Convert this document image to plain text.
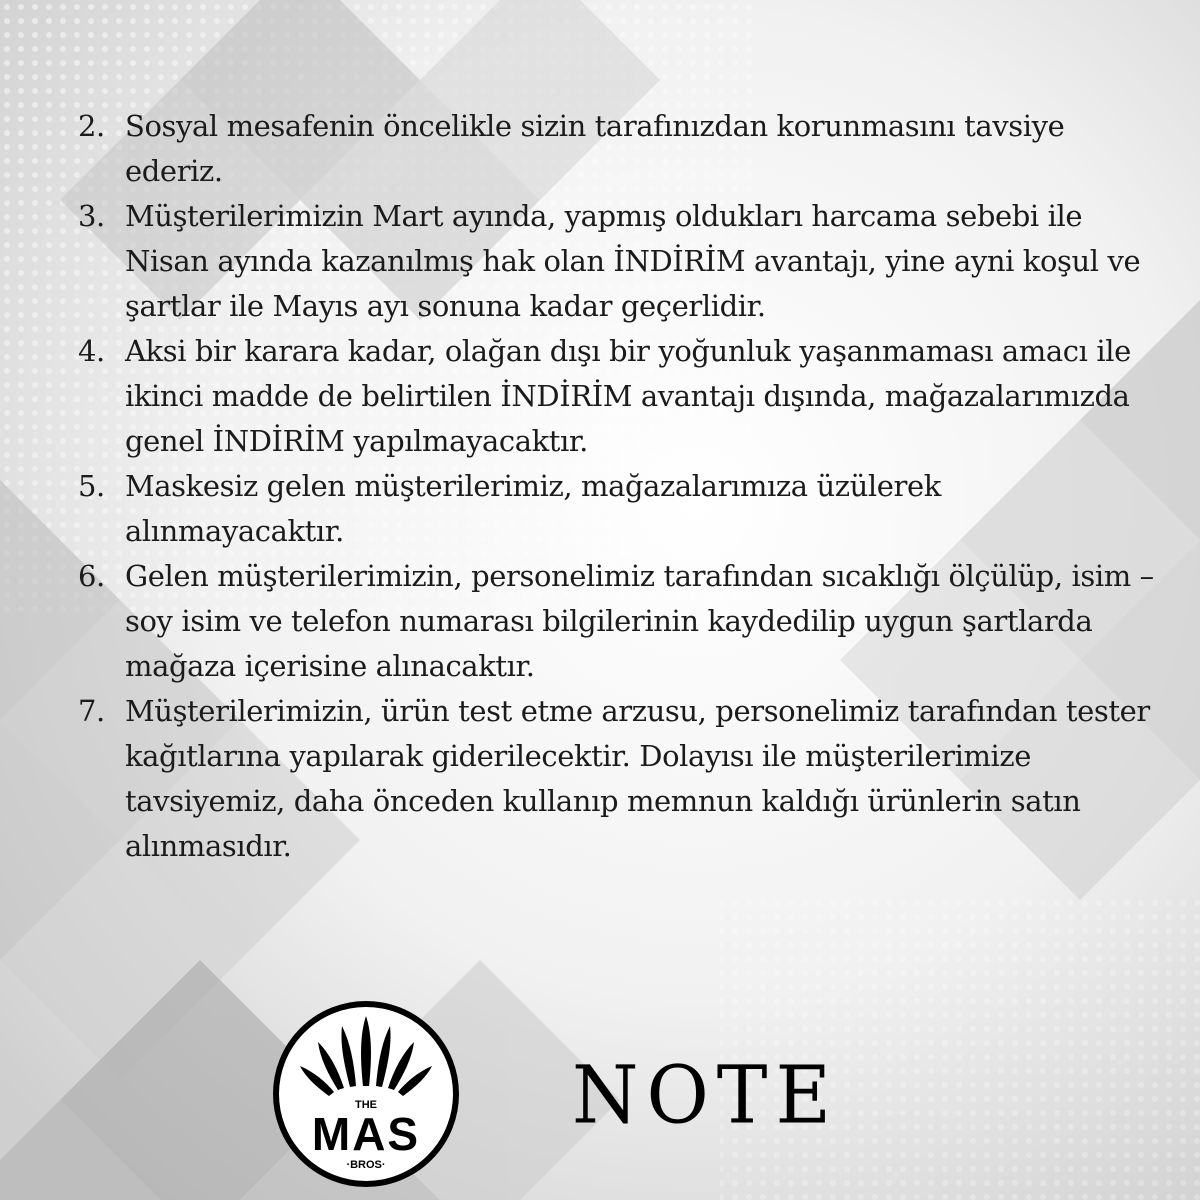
2. Sosyal mesafenin öncelikle sizin tarafınızdan korunmasını tavsiye ederiz.
3. Müşterilerimizin Mart ayında, yapmış oldukları harcama sebebi ile Nisan ayında kazanılmış hak olan İNDİRİM avantajı, yine ayni koşul ve şartlar ile Mayıs ayı sonuna kadar geçerlidir.
4. Aksi bir karara kadar, olağan dışı bir yoğunluk yaşanmaması amacı ile ikinci madde de belirtilen İNDİRİM avantajı dışında, mağazalarımızda genel İNDİRİM yapılmayacaktır.
5. Maskesiz gelen müşterilerimiz, mağazalarımıza üzülerek alınmayacaktır.
6. Gelen müşterilerimizin, personelimiz tarafından sıcaklığı ölçülüp, isim – soy isim ve telefon numarası bilgilerinin kaydedilip uygun şartlarda mağaza içerisine alınacaktır.
7. Müşterilerimizin, ürün test etme arzusu, personelimiz tarafından tester kağıtlarına yapılarak giderilecektir. Dolayısı ile müşterilerimize tavsiyemiz, daha önceden kullanıp memnun kaldığı ürünlerin satın alınmasıdır.
THE
MAS
·BROS·
NOTE
